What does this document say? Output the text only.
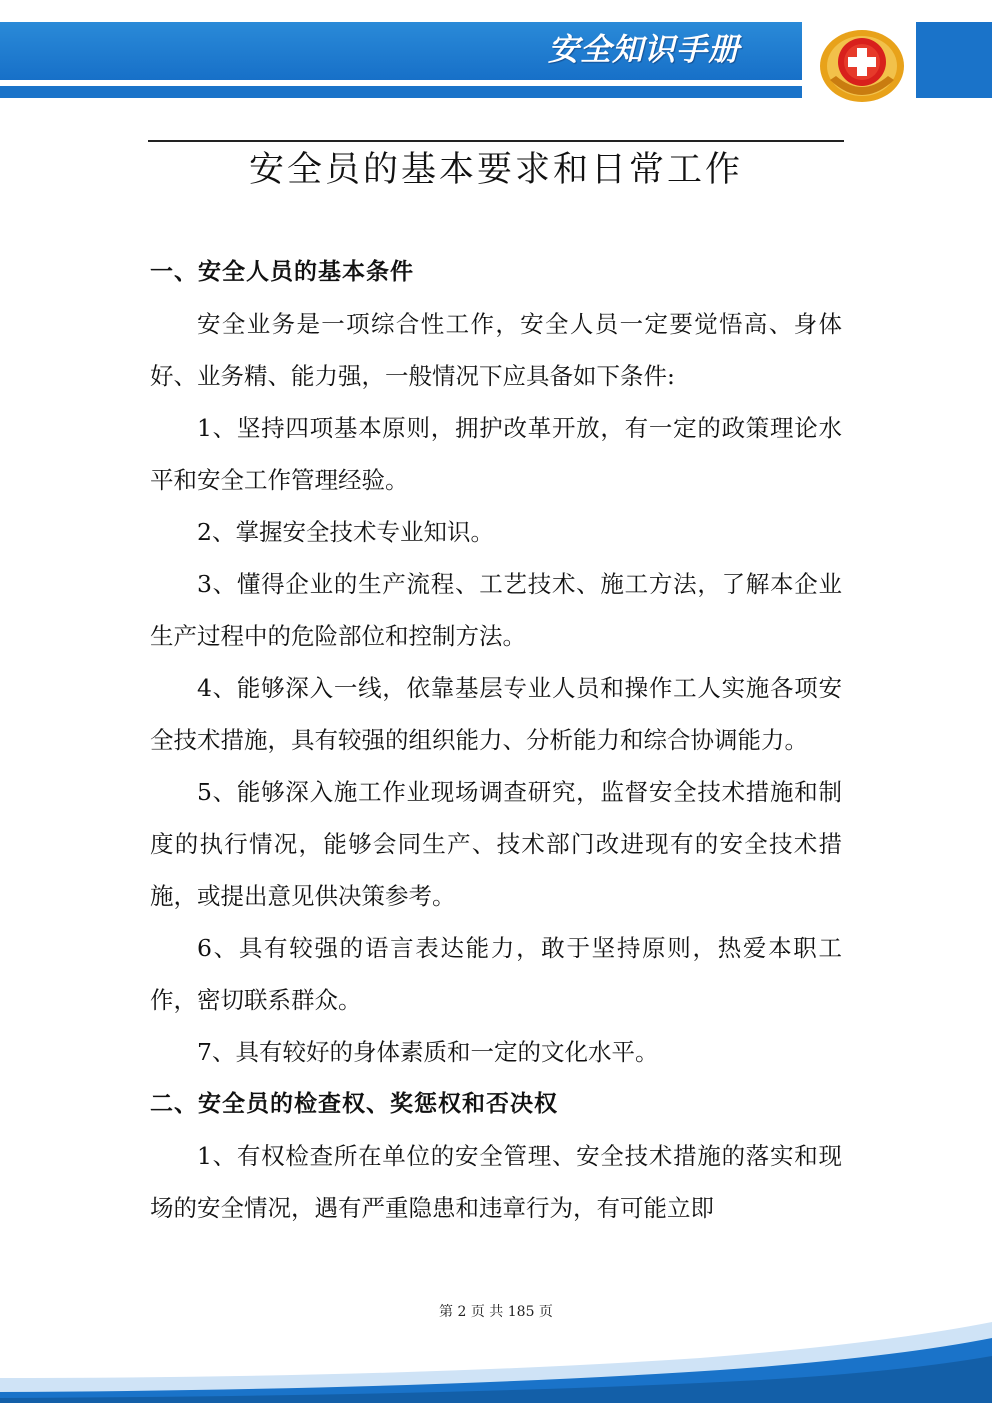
安全知识手册
安全员的基本要求和日常工作

一、安全人员的基本条件

安全业务是一项综合性工作，安全人员一定要觉悟高、身体好、业务精、能力强，一般情况下应具备如下条件:

1、坚持四项基本原则，拥护改革开放，有一定的政策理论水平和安全工作管理经验。

2、掌握安全技术专业知识。

3、懂得企业的生产流程、工艺技术、施工方法，了解本企业生产过程中的危险部位和控制方法。

4、能够深入一线，依靠基层专业人员和操作工人实施各项安全技术措施，具有较强的组织能力、分析能力和综合协调能力。

5、能够深入施工作业现场调查研究，监督安全技术措施和制度的执行情况，能够会同生产、技术部门改进现有的安全技术措施，或提出意见供决策参考。

6、具有较强的语言表达能力，敢于坚持原则，热爱本职工作，密切联系群众。

7、具有较好的身体素质和一定的文化水平。

二、安全员的检查权、奖惩权和否决权

1、有权检查所在单位的安全管理、安全技术措施的落实和现场的安全情况，遇有严重隐患和违章行为，有可能立即

第 2 页 共 185 页
